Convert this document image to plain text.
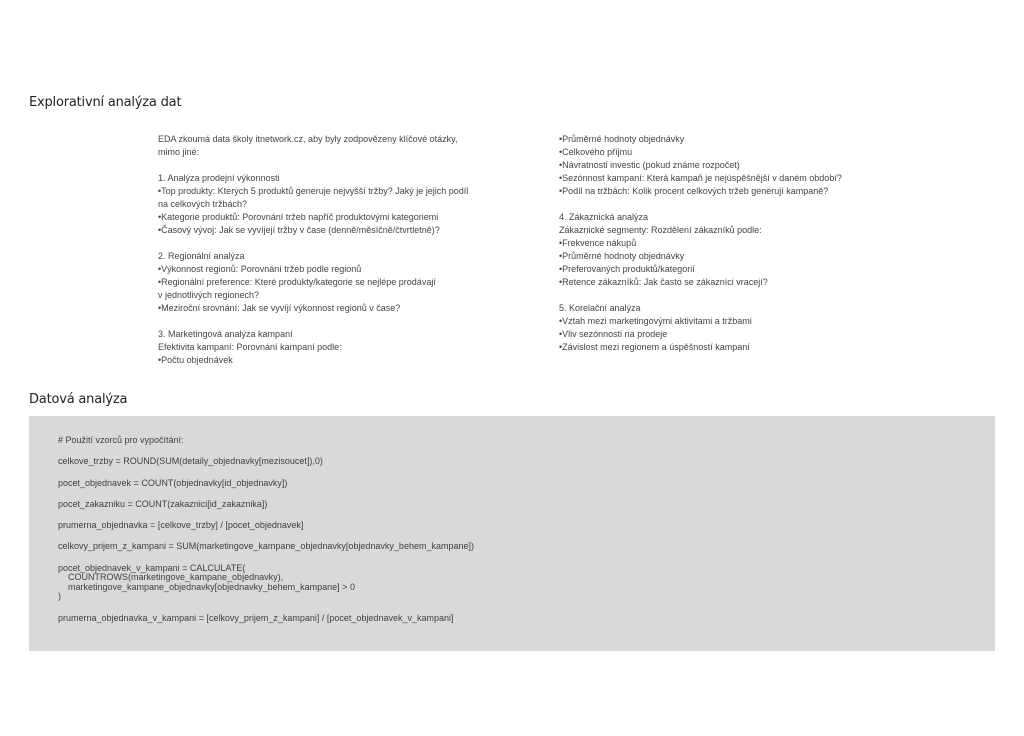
Explorativní analýza dat

EDA zkoumá data školy itnetwork.cz, aby byly zodpovězeny klíčové otázky,
mimo jiné:

1. Analýza prodejní výkonnosti
•Top produkty: Kterých 5 produktů generuje nejvyšší tržby? Jaký je jejich podíl
na celkových tržbách?
•Kategorie produktů: Porovnání tržeb napříč produktovými kategoriemi
•Časový vývoj: Jak se vyvíjejí tržby v čase (denně/měsíčně/čtvrtletně)?

2. Regionální analýza
•Výkonnost regionů: Porovnání tržeb podle regionů
•Regionální preference: Které produkty/kategorie se nejlépe prodávají
v jednotlivých regionech?
•Meziroční srovnání: Jak se vyvíjí výkonnost regionů v čase?

3. Marketingová analýza kampaní
Efektivita kampaní: Porovnání kampaní podle:
•Počtu objednávek

•Průměrné hodnoty objednávky
•Celkového příjmu
•Návratnosti investic (pokud známe rozpočet)
•Sezónnost kampaní: Která kampaň je nejúspěšnější v daném období?
•Podíl na tržbách: Kolik procent celkových tržeb generují kampaně?

4. Zákaznická analýza
Zákaznické segmenty: Rozdělení zákazníků podle:
•Frekvence nákupů
•Průměrné hodnoty objednávky
•Preferovaných produktů/kategorií
•Retence zákazníků: Jak často se zákazníci vracejí?

5. Korelační analýza
•Vztah mezi marketingovými aktivitami a tržbami
•Vliv sezónnosti na prodeje
•Závislost mezi regionem a úspěšností kampaní

Datová analýza
# Použití vzorců pro vypočítání:
celkove_trzby = ROUND(SUM(detaily_objednavky[mezisoucet]),0)
pocet_objednavek = COUNT(objednavky[id_objednavky])
pocet_zakazniku = COUNT(zakaznici[id_zakaznika])
prumerna_objednavka = [celkove_trzby] / [pocet_objednavek]
celkovy_prijem_z_kampani = SUM(marketingove_kampane_objednavky[objednavky_behem_kampane])
pocet_objednavek_v_kampani = CALCULATE(
COUNTROWS(marketingove_kampane_objednavky),
marketingove_kampane_objednavky[objednavky_behem_kampane] > 0
)
prumerna_objednavka_v_kampani = [celkovy_prijem_z_kampani] / [pocet_objednavek_v_kampani]
